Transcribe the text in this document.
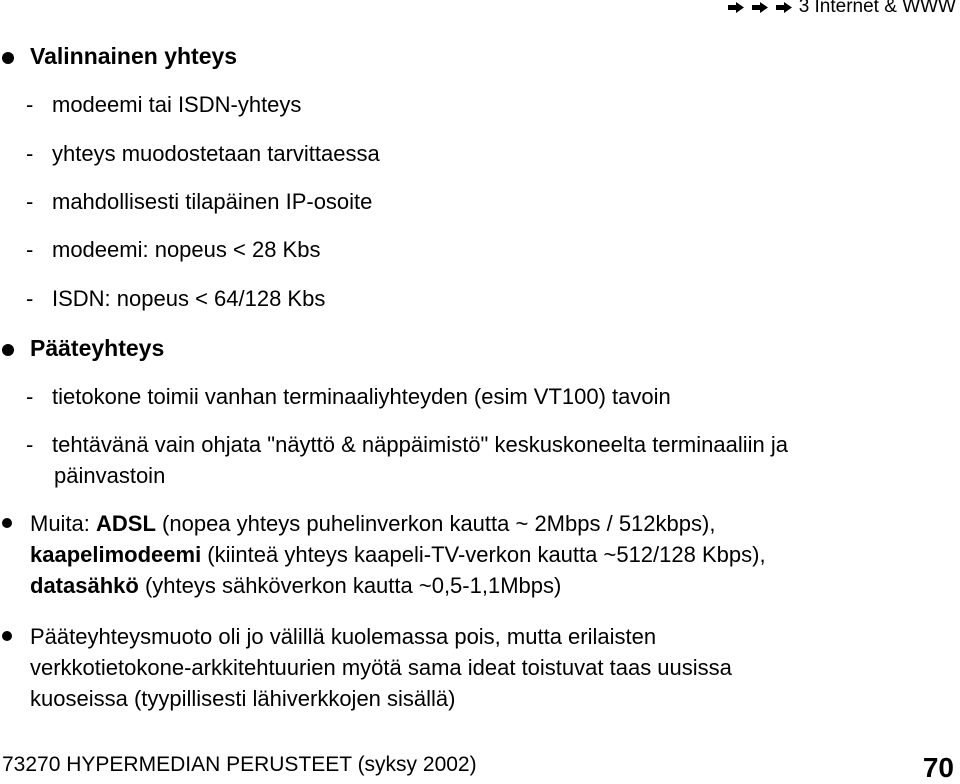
3 Internet & WWW
Valinnainen yhteys
- modeemi tai ISDN-yhteys
- yhteys muodostetaan tarvittaessa
- mahdollisesti tilapäinen IP-osoite
- modeemi: nopeus < 28 Kbs
- ISDN: nopeus < 64/128 Kbs
Pääteyhteys
- tietokone toimii vanhan terminaaliyhteyden (esim VT100) tavoin
- tehtävänä vain ohjata "näyttö & näppäimistö" keskuskoneelta terminaaliin ja
päinvastoin
Muita: ADSL (nopea yhteys puhelinverkon kautta ~ 2Mbps / 512kbps),
kaapelimodeemi (kiinteä yhteys kaapeli-TV-verkon kautta ~512/128 Kbps),
datasähkö (yhteys sähköverkon kautta ~0,5-1,1Mbps)
Pääteyhteysmuoto oli jo välillä kuolemassa pois, mutta erilaisten
verkkotietokone-arkkitehtuurien myötä sama ideat toistuvat taas uusissa
kuoseissa (tyypillisesti lähiverkkojen sisällä)
73270 HYPERMEDIAN PERUSTEET (syksy 2002)	70
